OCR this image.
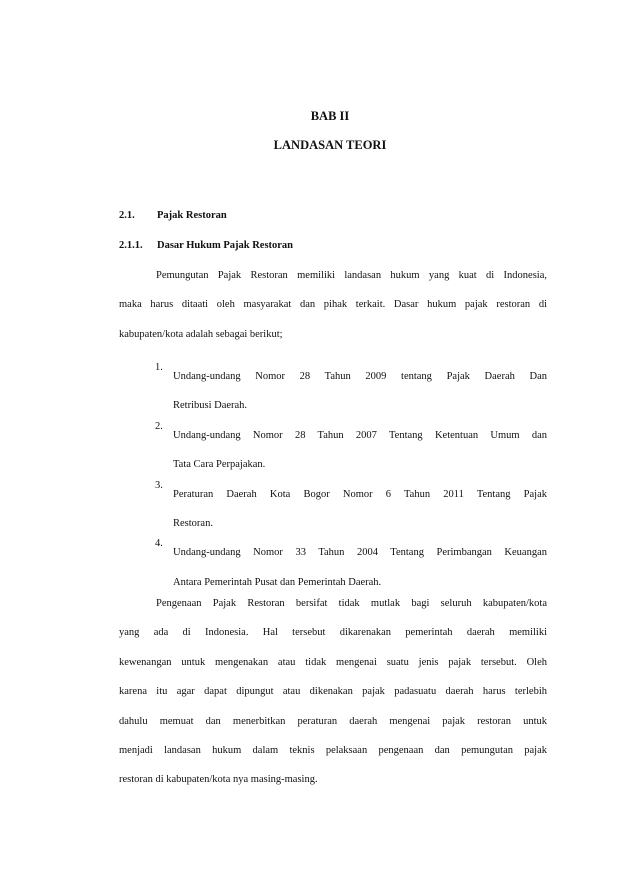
BAB II
LANDASAN TEORI
2.1. Pajak Restoran
2.1.1. Dasar Hukum Pajak Restoran
Pemungutan Pajak Restoran memiliki landasan hukum yang kuat di Indonesia,
maka harus ditaati oleh masyarakat dan pihak terkait. Dasar hukum pajak restoran di
kabupaten/kota adalah sebagai berikut;
1.
Undang-undang Nomor 28 Tahun 2009 tentang Pajak Daerah Dan
Retribusi Daerah.
2.
Undang-undang Nomor 28 Tahun 2007 Tentang Ketentuan Umum dan
Tata Cara Perpajakan.
3.
Peraturan Daerah Kota Bogor Nomor 6 Tahun 2011 Tentang Pajak
Restoran.
4.
Undang-undang Nomor 33 Tahun 2004 Tentang Perimbangan Keuangan
Antara Pemerintah Pusat dan Pemerintah Daerah.
Pengenaan Pajak Restoran bersifat tidak mutlak bagi seluruh kabupaten/kota
yang ada di Indonesia. Hal tersebut dikarenakan pemerintah daerah memiliki
kewenangan untuk mengenakan atau tidak mengenai suatu jenis pajak tersebut. Oleh
karena itu agar dapat dipungut atau dikenakan pajak padasuatu daerah harus terlebih
dahulu memuat dan menerbitkan peraturan daerah mengenai pajak restoran untuk
menjadi landasan hukum dalam teknis pelaksaan pengenaan dan pemungutan pajak
restoran di kabupaten/kota nya masing-masing.
